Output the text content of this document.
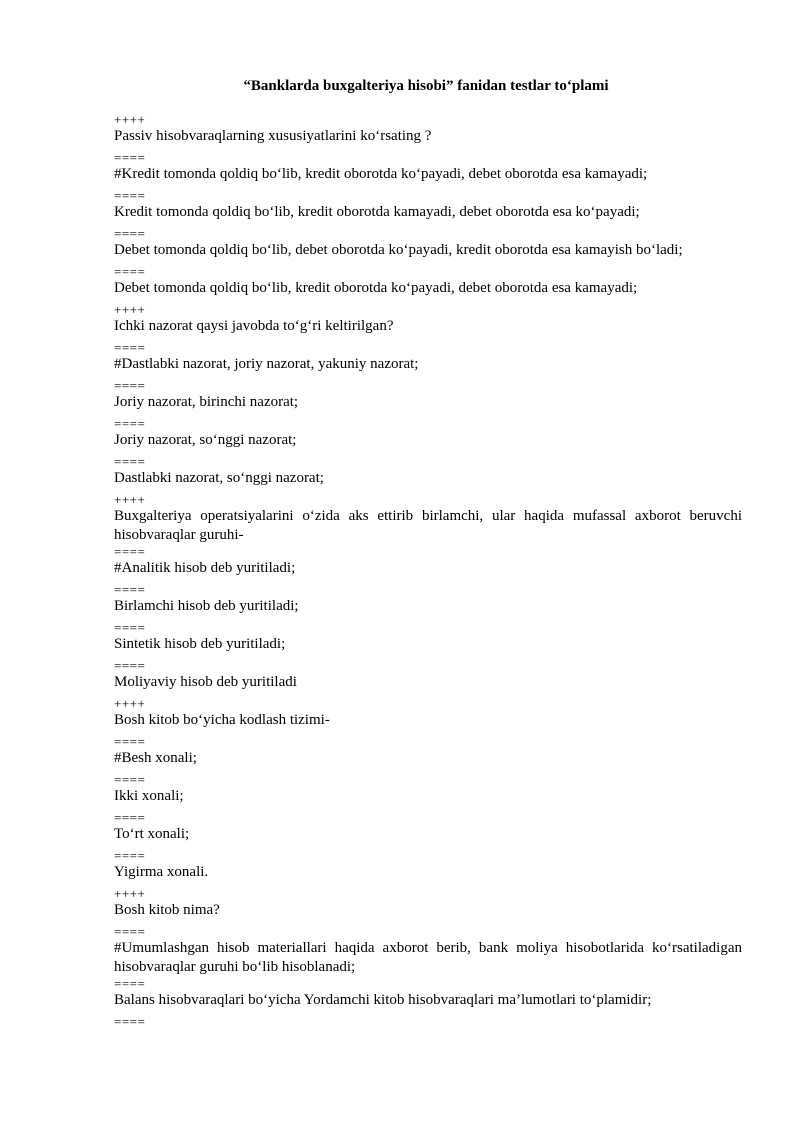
“Banklarda buxgalteriya hisobi” fanidan testlar to‘plami
++++
Passiv hisobvaraqlarning xususiyatlarini ko‘rsating ?
====
#Kredit tomonda qoldiq bo‘lib, kredit oborotda ko‘payadi, debet oborotda esa kamayadi;
====
Kredit tomonda qoldiq bo‘lib, kredit oborotda kamayadi, debet oborotda esa ko‘payadi;
====
Debet tomonda qoldiq bo‘lib, debet oborotda ko‘payadi, kredit oborotda esa kamayish bo‘ladi;
====
Debet tomonda qoldiq bo‘lib, kredit oborotda ko‘payadi, debet oborotda esa kamayadi;
++++
Ichki nazorat qaysi javobda to‘g‘ri keltirilgan?
====
#Dastlabki nazorat, joriy nazorat, yakuniy nazorat;
====
Joriy nazorat, birinchi nazorat;
====
Joriy nazorat, so‘nggi nazorat;
====
Dastlabki nazorat, so‘nggi nazorat;
++++
Buxgalteriya operatsiyalarini o‘zida aks ettirib birlamchi, ular haqida mufassal axborot beruvchi hisobvaraqlar guruhi-
====
#Analitik hisob deb yuritiladi;
====
Birlamchi hisob deb yuritiladi;
====
Sintetik hisob deb yuritiladi;
====
Moliyaviy hisob deb yuritiladi
++++
Bosh kitob bo‘yicha kodlash tizimi-
====
#Besh xonali;
====
Ikki xonali;
====
To‘rt xonali;
====
Yigirma xonali.
++++
Bosh kitob nima?
====
#Umumlashgan hisob materiallari haqida axborot berib, bank moliya hisobotlarida ko‘rsatiladigan hisobvaraqlar guruhi bo‘lib hisoblanadi;
====
Balans hisobvaraqlari bo‘yicha Yordamchi kitob hisobvaraqlari ma’lumotlari to‘plamidir;
====
